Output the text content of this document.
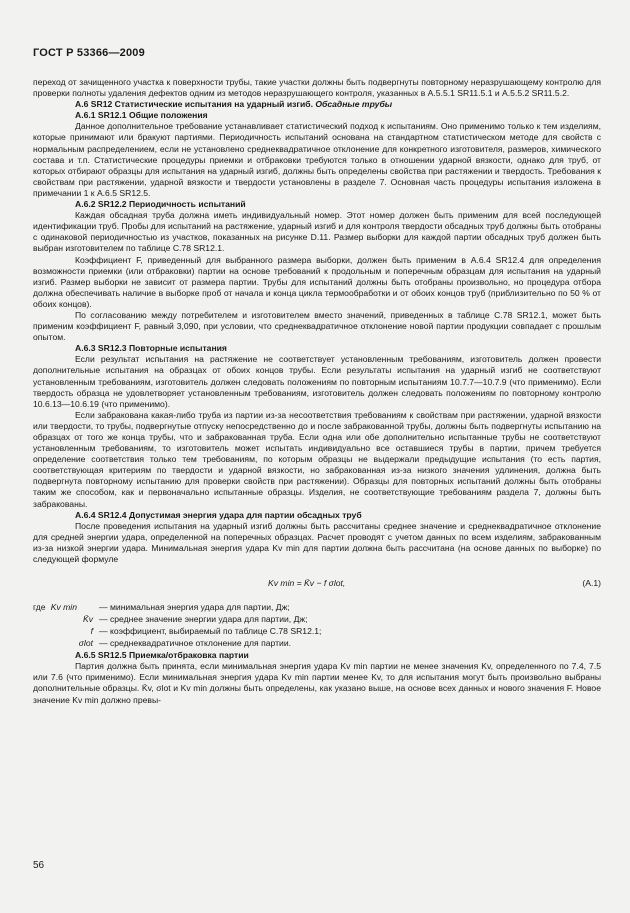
ГОСТ Р 53366—2009

переход от зачищенного участка к поверхности трубы, такие участки должны быть подвергнуты повторному неразрушающему контролю для проверки полноты удаления дефектов одним из методов неразрушающего контроля, указанных в А.5.5.1 SR11.5.1 и А.5.5.2 SR11.5.2.

А.6 SR12 Статистические испытания на ударный изгиб. Обсадные трубы

А.6.1 SR12.1 Общие положения

Данное дополнительное требование устанавливает статистический подход к испытаниям. Оно применимо только к тем изделиям, которые принимают или бракуют партиями. Периодичность испытаний основана на стандартном статистическом методе для свойств с нормальным распределением, если не установлено среднеквадратичное отклонение для конкретного изготовителя, размеров, химического состава и т.п. Статистические процедуры приемки и отбраковки требуются только в отношении ударной вязкости, однако для труб, от которых отбирают образцы для испытания на ударный изгиб, должны быть определены свойства при растяжении и твердость. Требования к свойствам при растяжении, ударной вязкости и твердости установлены в разделе 7. Основная часть процедуры испытания изложена в примечании 1 к А.6.5 SR12.5.

А.6.2 SR12.2 Периодичность испытаний

Каждая обсадная труба должна иметь индивидуальный номер. Этот номер должен быть применим для всей последующей идентификации труб. Пробы для испытаний на растяжение, ударный изгиб и для контроля твердости обсадных труб должны быть отобраны с одинаковой периодичностью из участков, показанных на рисунке D.11. Размер выборки для каждой партии обсадных труб должен быть выбран изготовителем по таблице С.78 SR12.1.

Коэффициент F, приведенный для выбранного размера выборки, должен быть применим в А.6.4 SR12.4 для определения возможности приемки (или отбраковки) партии на основе требований к продольным и поперечным образцам для испытания на ударный изгиб. Размер выборки не зависит от размера партии. Трубы для испытаний должны быть отобраны произвольно, но процедура отбора должна обеспечивать наличие в выборке проб от начала и конца цикла термообработки и от обоих концов труб (приблизительно по 50 % от обоих концов).

По согласованию между потребителем и изготовителем вместо значений, приведенных в таблице С.78 SR12.1, может быть применим коэффициент F, равный 3,090, при условии, что среднеквадратичное отклонение новой партии продукции совпадает с прошлым опытом.

А.6.3 SR12.3 Повторные испытания

Если результат испытания на растяжение не соответствует установленным требованиям, изготовитель должен провести дополнительные испытания на образцах от обоих концов трубы. Если результаты испытания на ударный изгиб не соответствуют установленным требованиям, изготовитель должен следовать положениям по повторным испытаниям 10.7.7—10.7.9 (что применимо). Если твердость образца не удовлетворяет установленным требованиям, изготовитель должен следовать положениям по повторному контролю 10.6.13—10.6.19 (что применимо).

Если забракована какая-либо труба из партии из-за несоответствия требованиям к свойствам при растяжении, ударной вязкости или твердости, то трубы, подвергнутые отпуску непосредственно до и после забракованной трубы, должны быть подвергнуты испытанию на образцах от того же конца трубы, что и забракованная труба. Если одна или обе дополнительно испытанные трубы не соответствуют установленным требованиям, то изготовитель может испытать индивидуально все оставшиеся трубы в партии, причем требуется определение соответствия только тем требованиям, по которым образцы не выдержали предыдущие испытания (то есть партия, соответствующая критериям по твердости и ударной вязкости, но забракованная из-за низкого значения удлинения, должна быть подвергнута повторному испытанию для проверки свойств при растяжении). Образцы для повторных испытаний должны быть отобраны таким же способом, как и первоначально испытанные образцы. Изделия, не соответствующие требованиям раздела 7, должны быть забракованы.

А.6.4 SR12.4 Допустимая энергия удара для партии обсадных труб

После проведения испытания на ударный изгиб должны быть рассчитаны среднее значение и среднеквадратичное отклонение для средней энергии удара, определенной на поперечных образцах. Расчет проводят с учетом данных по всем изделиям, забракованным из-за низкой энергии удара. Минимальная энергия удара Kv min для партии должна быть рассчитана (на основе данных по выборке) по следующей формуле

Kv min = K̄v − f σlot,	(А.1)
где Kv min	— минимальная энергия удара для партии, Дж;
K̄v — среднее значение энергии удара для партии, Дж;
f — коэффициент, выбираемый по таблице С.78 SR12.1;
σlot — среднеквадратичное отклонение для партии.

А.6.5 SR12.5 Приемка/отбраковка партии

Партия должна быть принята, если минимальная энергия удара Kv min партии не менее значения Kv, определенного по 7.4, 7.5 или 7.6 (что применимо). Если минимальная энергия удара Kv min партии менее Kv, то для испытания могут быть произвольно выбраны дополнительные образцы. K̄v, σlot и Kv min должны быть определены, как указано выше, на основе всех данных и нового значения F. Новое значение Kv min должно превы-

56
